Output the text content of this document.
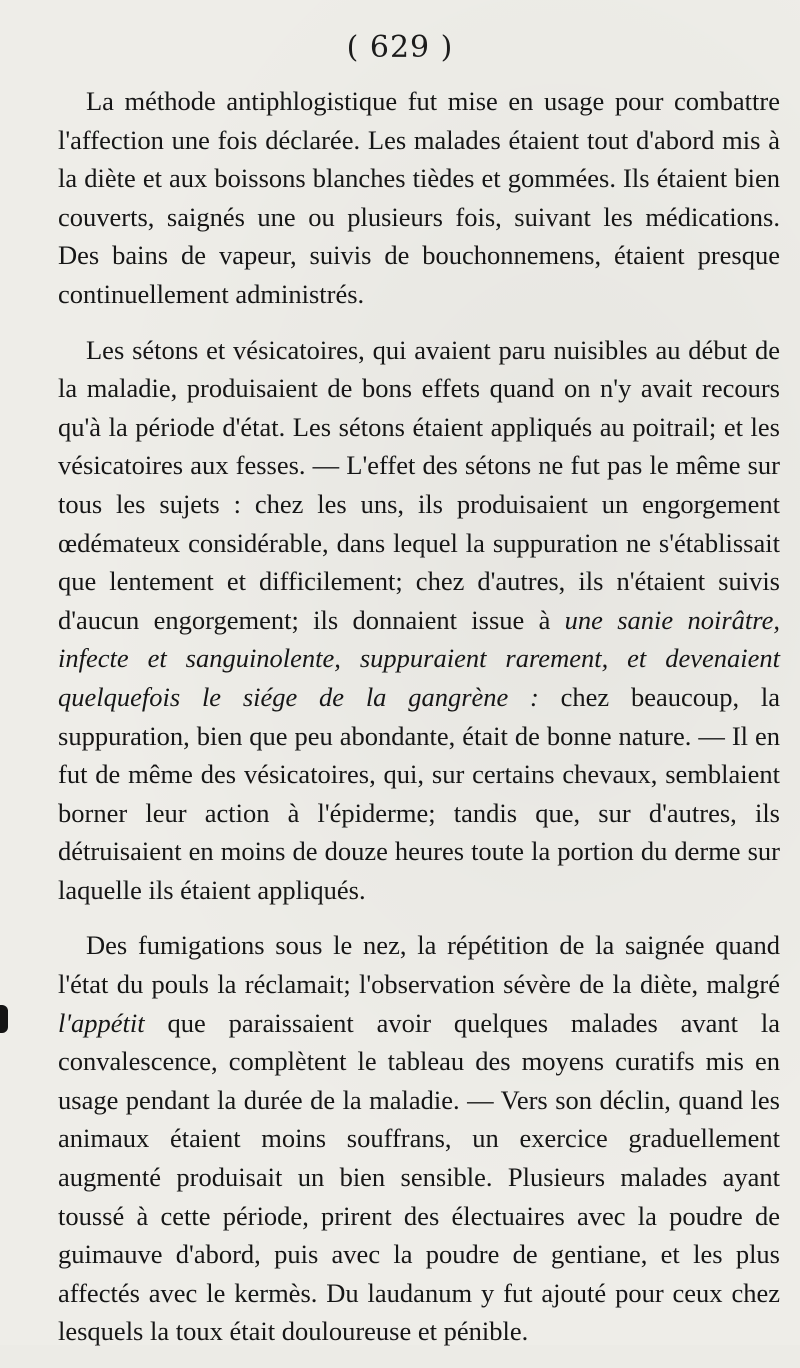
( 629 )

La méthode antiphlogistique fut mise en usage pour combattre l'affection une fois déclarée. Les malades étaient tout d'abord mis à la diète et aux boissons blanches tièdes et gommées. Ils étaient bien couverts, saignés une ou plusieurs fois, suivant les médications. Des bains de vapeur, suivis de bouchonnemens, étaient presque continuellement administrés.

Les sétons et vésicatoires, qui avaient paru nuisibles au début de la maladie, produisaient de bons effets quand on n'y avait recours qu'à la période d'état. Les sétons étaient appliqués au poitrail; et les vésicatoires aux fesses. — L'effet des sétons ne fut pas le même sur tous les sujets : chez les uns, ils produisaient un engorgement œdémateux considérable, dans lequel la suppuration ne s'établissait que lentement et difficilement; chez d'autres, ils n'étaient suivis d'aucun engorgement; ils donnaient issue à une sanie noirâtre, infecte et sanguinolente, suppuraient rarement, et devenaient quelquefois le siége de la gangrène : chez beaucoup, la suppuration, bien que peu abondante, était de bonne nature. — Il en fut de même des vésicatoires, qui, sur certains chevaux, semblaient borner leur action à l'épiderme; tandis que, sur d'autres, ils détruisaient en moins de douze heures toute la portion du derme sur laquelle ils étaient appliqués.

Des fumigations sous le nez, la répétition de la saignée quand l'état du pouls la réclamait; l'observation sévère de la diète, malgré l'appétit que paraissaient avoir quelques malades avant la convalescence, complètent le tableau des moyens curatifs mis en usage pendant la durée de la maladie. — Vers son déclin, quand les animaux étaient moins souffrans, un exercice graduellement augmenté produisait un bien sensible. Plusieurs malades ayant toussé à cette période, prirent des électuaires avec la poudre de guimauve d'abord, puis avec la poudre de gentiane, et les plus affectés avec le kermès. Du laudanum y fut ajouté pour ceux chez lesquels la toux était douloureuse et pénible.
